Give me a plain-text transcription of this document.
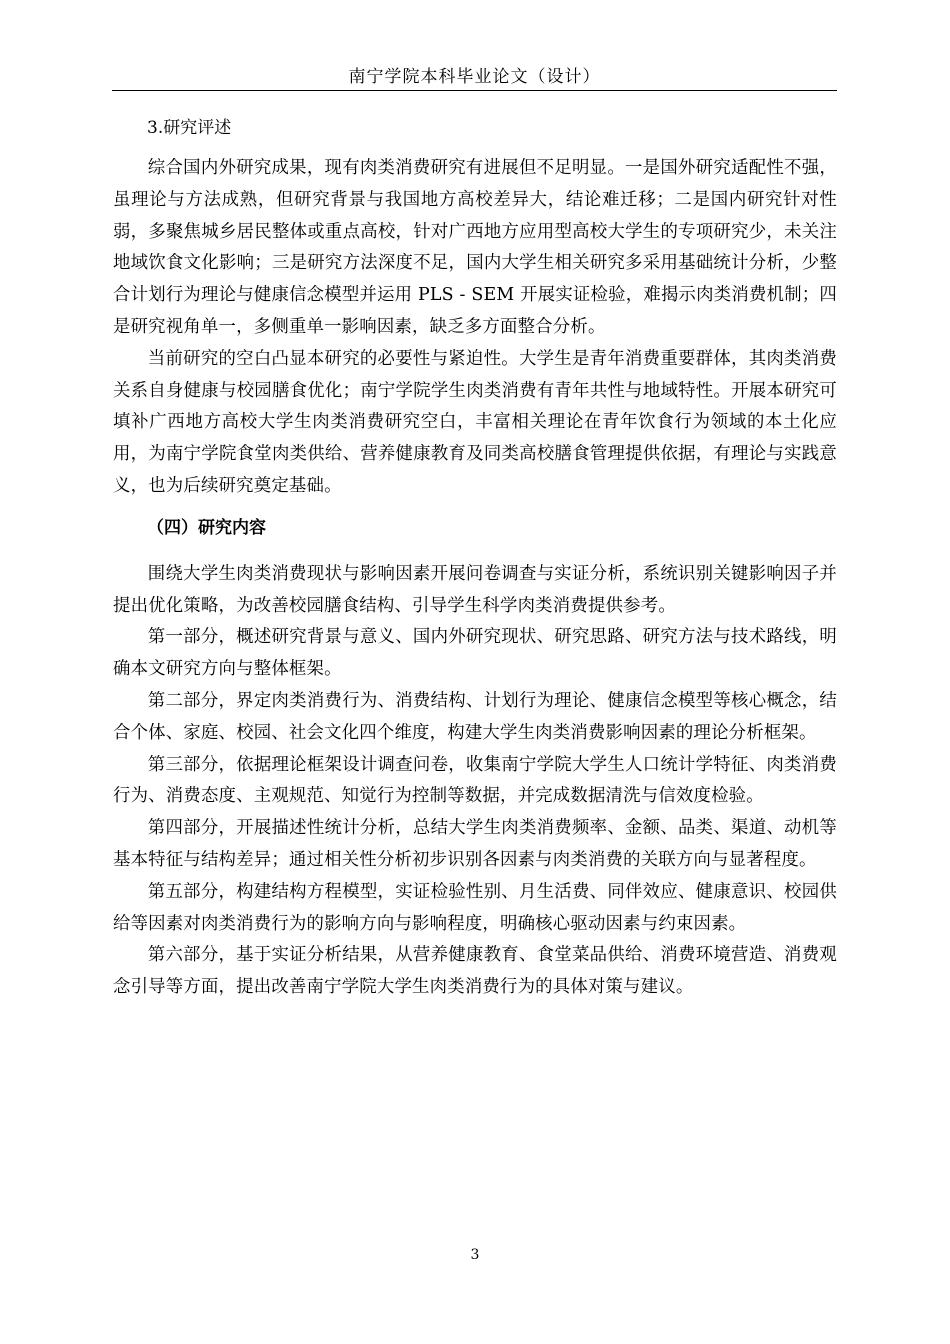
南宁学院本科毕业论文（设计）
3.研究评述

综合国内外研究成果，现有肉类消费研究有进展但不足明显。一是国外研究适配性不强，虽理论与方法成熟，但研究背景与我国地方高校差异大，结论难迁移；二是国内研究针对性弱，多聚焦城乡居民整体或重点高校，针对广西地方应用型高校大学生的专项研究少，未关注地域饮食文化影响；三是研究方法深度不足，国内大学生相关研究多采用基础统计分析，少整合计划行为理论与健康信念模型并运用 PLS - SEM 开展实证检验，难揭示肉类消费机制；四是研究视角单一，多侧重单一影响因素，缺乏多方面整合分析。

当前研究的空白凸显本研究的必要性与紧迫性。大学生是青年消费重要群体，其肉类消费关系自身健康与校园膳食优化；南宁学院学生肉类消费有青年共性与地域特性。开展本研究可填补广西地方高校大学生肉类消费研究空白，丰富相关理论在青年饮食行为领域的本土化应用，为南宁学院食堂肉类供给、营养健康教育及同类高校膳食管理提供依据，有理论与实践意义，也为后续研究奠定基础。

（四）研究内容

围绕大学生肉类消费现状与影响因素开展问卷调查与实证分析，系统识别关键影响因子并提出优化策略，为改善校园膳食结构、引导学生科学肉类消费提供参考。

第一部分，概述研究背景与意义、国内外研究现状、研究思路、研究方法与技术路线，明确本文研究方向与整体框架。

第二部分，界定肉类消费行为、消费结构、计划行为理论、健康信念模型等核心概念，结合个体、家庭、校园、社会文化四个维度，构建大学生肉类消费影响因素的理论分析框架。

第三部分，依据理论框架设计调查问卷，收集南宁学院大学生人口统计学特征、肉类消费行为、消费态度、主观规范、知觉行为控制等数据，并完成数据清洗与信效度检验。

第四部分，开展描述性统计分析，总结大学生肉类消费频率、金额、品类、渠道、动机等基本特征与结构差异；通过相关性分析初步识别各因素与肉类消费的关联方向与显著程度。

第五部分，构建结构方程模型，实证检验性别、月生活费、同伴效应、健康意识、校园供给等因素对肉类消费行为的影响方向与影响程度，明确核心驱动因素与约束因素。

第六部分，基于实证分析结果，从营养健康教育、食堂菜品供给、消费环境营造、消费观念引导等方面，提出改善南宁学院大学生肉类消费行为的具体对策与建议。

3
